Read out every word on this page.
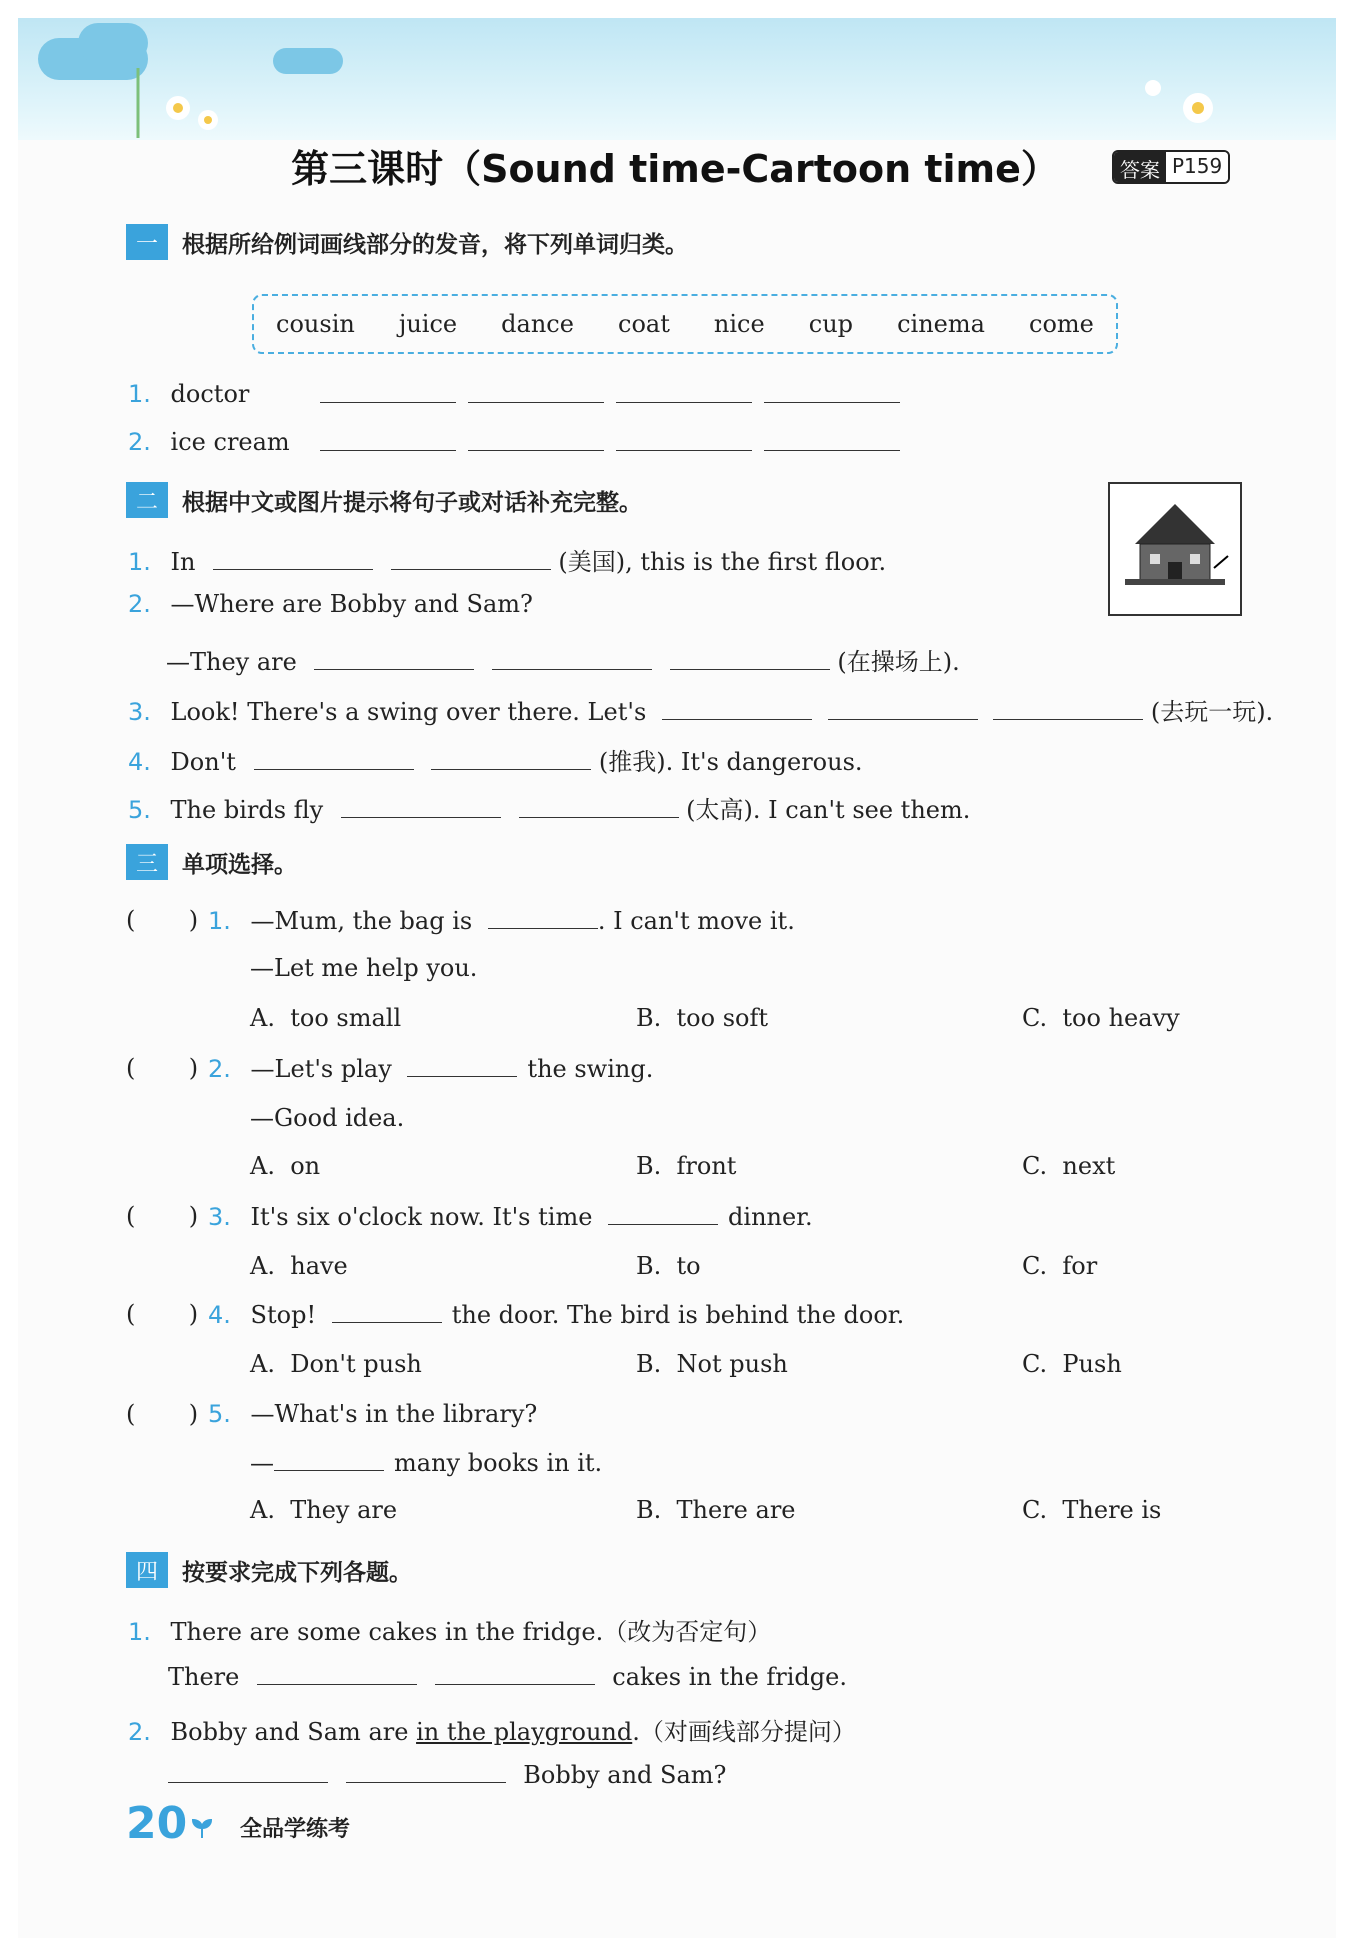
第三课时（Sound time-Cartoon time）	答案 P159
一	根据所给例词画线部分的发音，将下列单词归类。
cousin juice dance coat nice cup cinema come
1. doctor
2. ice cream
二	根据中文或图片提示将句子或对话补充完整。
1. In	(美国), this is the first floor.
2. —Where are Bobby and Sam?
—They are	(在操场上).
3. Look! There's a swing over there. Let's	(去玩一玩).
4. Don't	(推我). It's dangerous.
5. The birds fly	(太高). I can't see them.
三	单项选择。
(       ) 1. —Mum, the bag is	. I can't move it.
—Let me help you.
A. too small	B. too soft	C. too heavy
(       ) 2. —Let's play	the swing.
—Good idea.
A. on	B. front	C. next
(       ) 3. It's six o'clock now. It's time	dinner.
A. have	B. to	C. for
(       ) 4. Stop!	the door. The bird is behind the door.
A. Don't push	B. Not push	C. Push
(       ) 5. —What's in the library?
—	many books in it.
A. They are	B. There are	C. There is
四	按要求完成下列各题。
1. There are some cakes in the fridge.（改为否定句）
There	cakes in the fridge.
2. Bobby and Sam are in the playground.（对画线部分提问）
Bobby and Sam?
20 全品学练考
